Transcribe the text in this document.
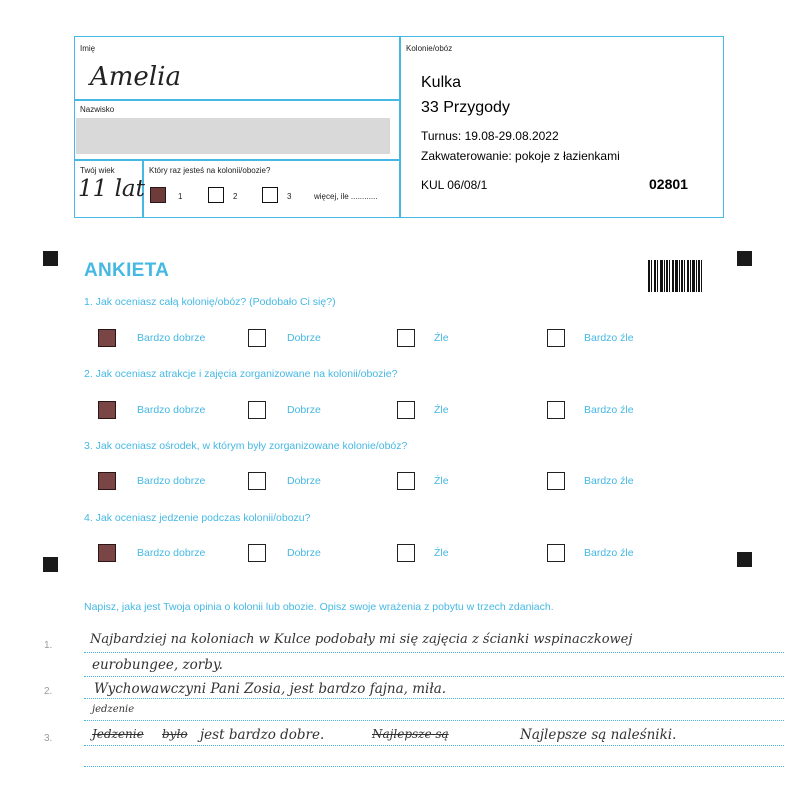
Imię
Amelia
Nazwisko
Twój wiek
11 lat
Który raz jesteś na kolonii/obozie?
1	2	3	więcej, ile ............
Kolonie/obóz
Kulka
33 Przygody
Turnus: 19.08-29.08.2022
Zakwaterowanie: pokoje z łazienkami
KUL 06/08/1	02801
ANKIETA
1. Jak oceniasz całą kolonię/obóz? (Podobało Ci się?)
Bardzo dobrze	Dobrze	Źle	Bardzo źle
2. Jak oceniasz atrakcje i zajęcia zorganizowane na kolonii/obozie?
Bardzo dobrze	Dobrze	Źle	Bardzo źle
3. Jak oceniasz ośrodek, w którym były zorganizowane kolonie/obóz?
Bardzo dobrze	Dobrze	Źle	Bardzo źle
4. Jak oceniasz jedzenie podczas kolonii/obozu?
Bardzo dobrze	Dobrze	Źle	Bardzo źle
Napisz, jaka jest Twoja opinia o kolonii lub obozie. Opisz swoje wrażenia z pobytu w trzech zdaniach.
1.
2.
3.
Najbardziej na koloniach w Kulce podobały mi się zajęcia z ścianki wspinaczkowej
eurobungee, zorby.
Wychowawczyni Pani Zosia, jest bardzo fajna, miła.
jedzenie
Jedzenie było jest bardzo dobre.	Najlepsze są	Najlepsze są naleśniki.
